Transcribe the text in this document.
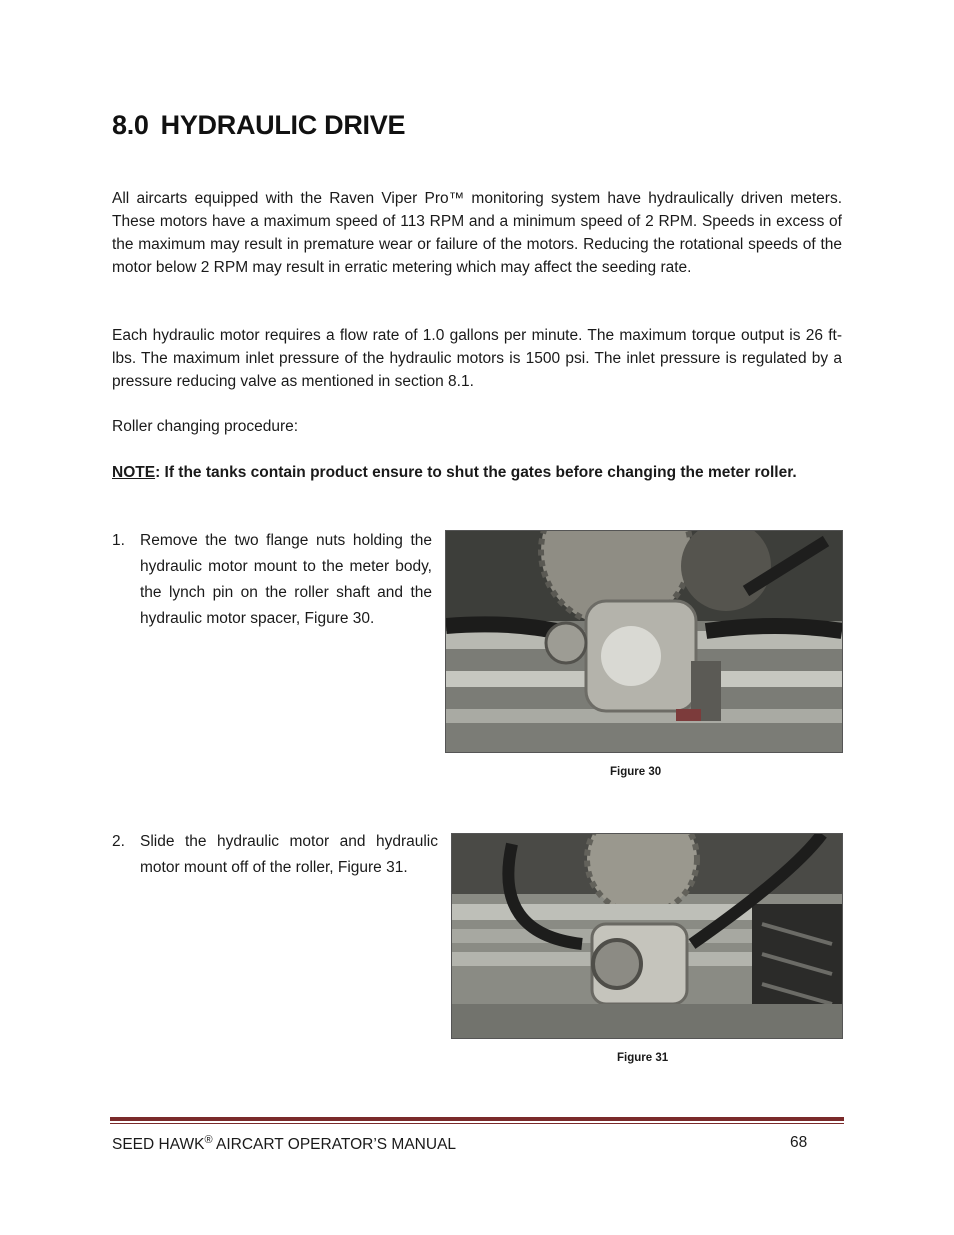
8.0 HYDRAULIC DRIVE

All aircarts equipped with the Raven Viper Pro™ monitoring system have hydraulically driven meters. These motors have a maximum speed of 113 RPM and a minimum speed of 2 RPM. Speeds in excess of the maximum may result in premature wear or failure of the motors. Reducing the rotational speeds of the motor below 2 RPM may result in erratic metering which may affect the seeding rate.

Each hydraulic motor requires a flow rate of 1.0 gallons per minute. The maximum torque output is 26 ft-lbs. The maximum inlet pressure of the hydraulic motors is 1500 psi. The inlet pressure is regulated by a pressure reducing valve as mentioned in section 8.1.

Roller changing procedure:

NOTE: If the tanks contain product ensure to shut the gates before changing the meter roller.

1. Remove the two flange nuts holding the hydraulic motor mount to the meter body, the lynch pin on the roller shaft and the hydraulic motor spacer, Figure 30.
Figure 30
2. Slide the hydraulic motor and hydraulic motor mount off of the roller, Figure 31.
Figure 31
SEED HAWK® AIRCART OPERATOR’S MANUAL	68
